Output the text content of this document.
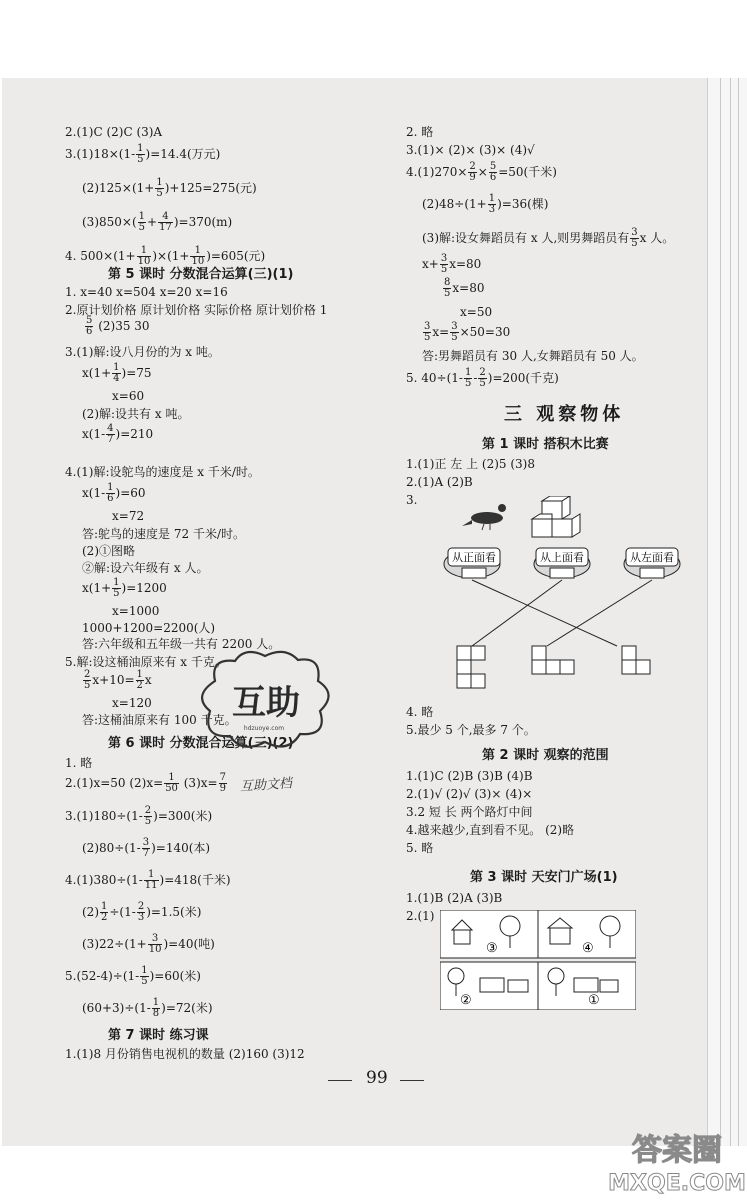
2.(1)C (2)C (3)A
$3.(1)18\times(1- \frac{1}{5} )=14.4$(万元)
$(2)125\times(1+ \frac{1}{5} )+125=275$(元)
$(3)850\times( \frac{1}{5} + \frac{4}{17} )=370(m)$
4. $500\times(1+ \frac{1}{10} )\times(1+ \frac{1}{10} )=605$(元)
第 5 课时 分数混合运算(三)(1)
1. x=40 x=504 x=20 x=16
2.原计划价格 原计划价格 实际价格 原计划价格 1
$\frac{5}{6} (2)35$ 30
3.(1)解:设八月份的为 x 吨。
$x(1+ \frac{1}{4} )=75$
x=60
(2)解:设共有 x 吨。
$x(1- \frac{4}{7} )=210$
4.(1)解:设鸵鸟的速度是 x 千米/时。
$x(1- \frac{1}{6} )=60$
x=72
答:鸵鸟的速度是 72 千米/时。
(2)①图略
②解:设六年级有 x 人。
$x(1+ \frac{1}{5} )=1200$
x=1000
1000+1200=2200(人)
答:六年级和五年级一共有 2200 人。
5.解:设这桶油原来有 x 千克。
$\frac{2}{5} x+10= \frac{1}{2}$ x
x=120
答:这桶油原来有 100 千克。
第 6 课时 分数混合运算(三)(2)
1. 略
2.(1)x=50 $(2)x= \frac{1}{50} (3)x= \frac{7}{9}$
$3.(1)180\div(1- \frac{2}{5} )=300$(米)
$(2)80\div(1- \frac{3}{7} )=140$(本)
$4.(1)380\div(1- \frac{1}{11} )=418$(千米)
$(2) \frac{1}{2} \div(1- \frac{2}{3} )=1.5$(米)
$(3)22\div(1+ \frac{3}{10} )=40$(吨)
$5.(52-4)\div(1- \frac{1}{5} )=60$(米)
$(60+3)\div(1- \frac{1}{8} )=72$(米)
第 7 课时 练习课
1.(1)8 月份销售电视机的数量 (2)160 (3)12
互助
hdzuoye.com
互助文档
2. 略
3.(1)× (2)× (3)× (4)√
$4.(1)270\times \frac{2}{9} \times \frac{5}{6} =50$(千米)
$(2)48\div(1+ \frac{1}{3} )=36$(棵)
(3)解:设女舞蹈员有 x 人,则男舞蹈员有 $\frac{3}{5}$ x 人。
$x+ \frac{3}{5} x=80$
$\frac{8}{5} x=80$
x=50
$\frac{3}{5} x= \frac{3}{5} \times 50=30$
答:男舞蹈员有 30 人,女舞蹈员有 50 人。
5. $40\div(1- \frac{1}{5} - \frac{2}{5} )=200$(千克)
三 观察物体
第 1 课时 搭积木比赛
1.(1)正 左 上 (2)5 (3)8
2.(1)A (2)B
3.
从正面看	从上面看	从左面看
4. 略
5.最少 5 个,最多 7 个。
第 2 课时 观察的范围
1.(1)C (2)B (3)B (4)B
2.(1)√ (2)√ (3)× (4)×
3.2 短 长 两个路灯中间
4.越来越少,直到看不见。 (2)略
5. 略
第 3 课时 天安门广场(1)
1.(1)B (2)A (3)B
2.(1)
③	④
②	①
99
答案圈
MXQE.COM
